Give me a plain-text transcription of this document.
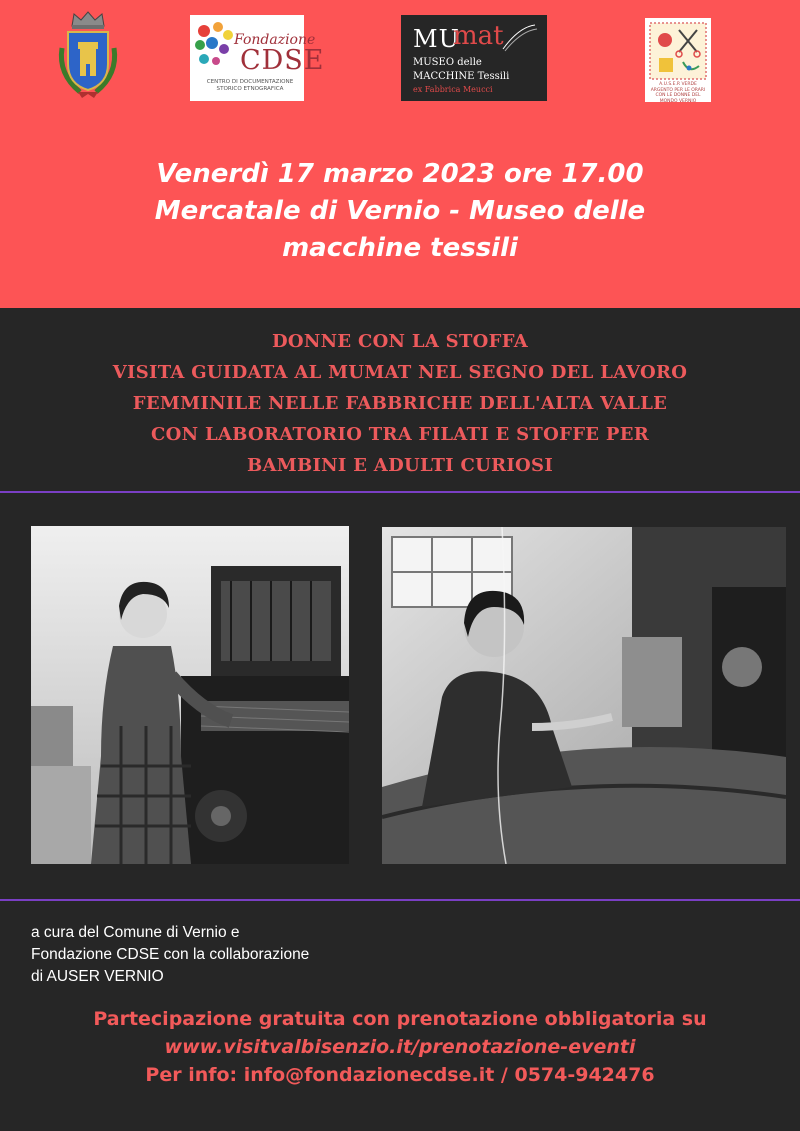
Fondazione
CDSE
CENTRO DI DOCUMENTAZIONE STORICO ETNOGRAFICA
MU
mat
MUSEO delle
MACCHINE Tessili
ex Fabbrica Meucci
A.U.S.E.R VERDE ARGENTO PER LE ORARI CON LE DONNE DEL MONDO VERNIO
Venerdì 17 marzo 2023 ore 17.00
Mercatale di Vernio - Museo delle
macchine tessili
DONNE CON LA STOFFA
VISITA GUIDATA AL MUMAT NEL SEGNO DEL LAVORO
FEMMINILE NELLE FABBRICHE DELL'ALTA VALLE
CON LABORATORIO TRA FILATI E STOFFE PER
BAMBINI E ADULTI CURIOSI
a cura del Comune di Vernio e
Fondazione CDSE con la collaborazione
di AUSER VERNIO
Partecipazione gratuita con prenotazione obbligatoria su
www.visitvalbisenzio.it/prenotazione-eventi
Per info: info@fondazionecdse.it / 0574-942476
